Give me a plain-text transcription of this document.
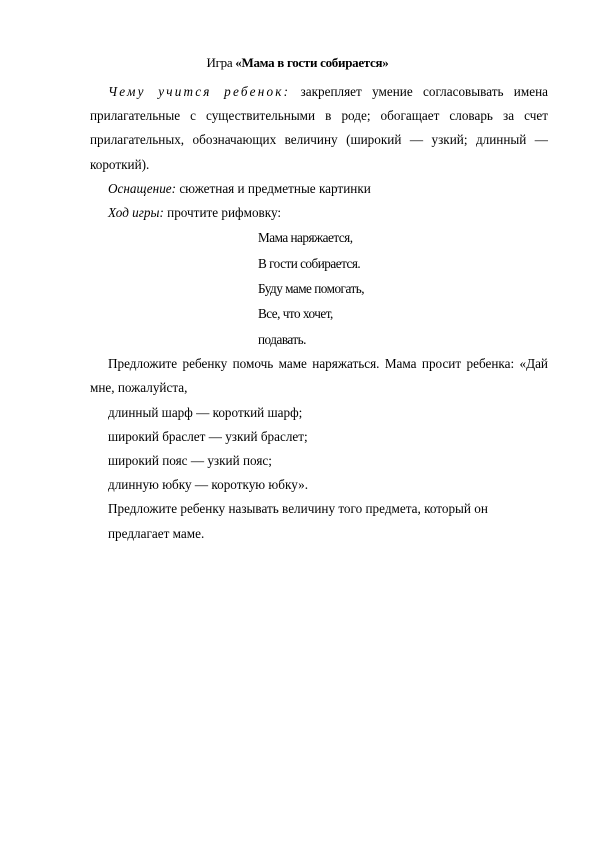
Игра «Мама в гости собирается»

Чему учится ребенок: закрепляет умение согласовывать имена прилагательные с существительными в роде; обогащает словарь за счет прилагательных, обозначающих величину (широкий — узкий; длинный — короткий).

Оснащение: сюжетная и предметные картинки

Ход игры: прочтите рифмовку:

Мама наряжается,
В гости собирается.
Буду маме помогать,
Все, что хочет,
подавать.

Предложите ребенку помочь маме наряжаться. Мама просит ребенка: «Дай мне, пожалуйста,

длинный шарф — короткий шарф;
широкий браслет — узкий браслет;
широкий пояс — узкий пояс;
длинную юбку — короткую юбку».
Предложите ребенку называть величину того предмета, который он
предлагает маме.
